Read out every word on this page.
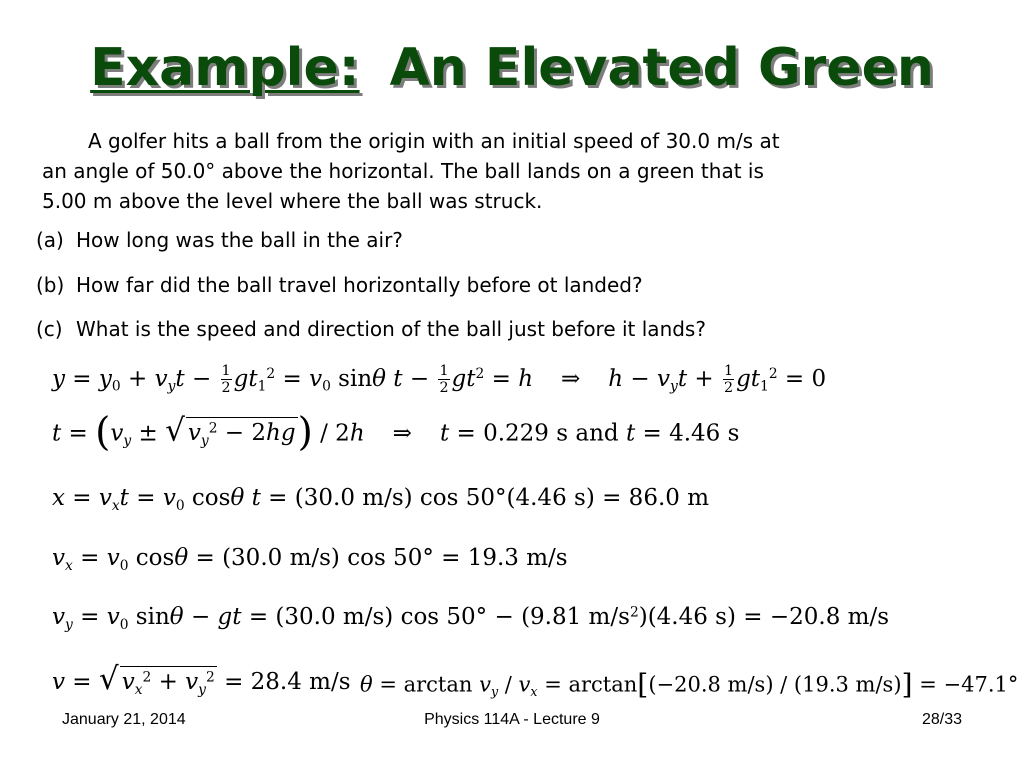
Example: An Elevated Green
A golfer hits a ball from the origin with an initial speed of 30.0 m/s at
an angle of 50.0° above the horizontal. The ball lands on a green that is
5.00 m above the level where the ball was struck.

(a) How long was the ball in the air?

(b) How far did the ball travel horizontally before ot landed?

(c) What is the speed and direction of the ball just before it lands?

$y = y_0 + v_yt - \frac{1}{2} gt_1^2 = v_0$ sinθ $t - \frac{1}{2} gt^2 = h$ ⇒ $h - v_yt + \frac{1}{2} gt_1^2 = 0$
$t = (v_y$ ± √ $v_y^2 - 2hg) / 2h$ ⇒ t = 0.229 s and t = 4.46 s
$x = v_xt = v_0$ cosθ t = (30.0 m/s) cos 50°(4.46 s) = 86.0 m
$v_x = v_0$ cosθ = (30.0 m/s) cos 50° = 19.3 m/s
$v_y = v_0$ sinθ − gt = (30.0 m/s) cos 50° − (9.81 $m/s^2)(4.46$ s) = −20.8 m/s
v = √ $v_x^2 + v_y^2 = 28.4$ m/s $\theta = \arctan v_y / v_x = \arctan[(-20.8$ m/s) / (19.3 m/s)] = −47.1°
January 21, 2014	Physics 114A - Lecture 9	28/33
